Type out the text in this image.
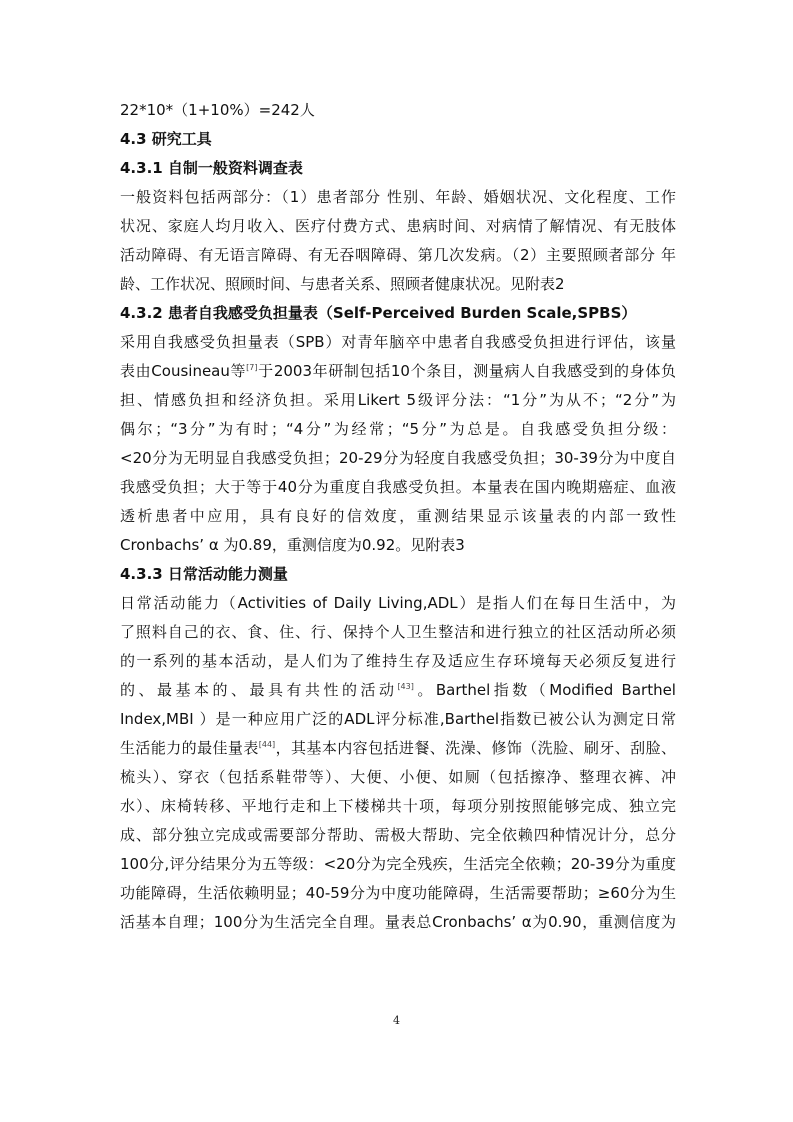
22*10*（1+10%）=242人
4.3 研究工具
4.3.1 自制一般资料调查表
一般资料包括两部分：（1）患者部分 性别、年龄、婚姻状况、文化程度、工作
状况、家庭人均月收入、医疗付费方式、患病时间、对病情了解情况、有无肢体
活动障碍、有无语言障碍、有无吞咽障碍、第几次发病。（2）主要照顾者部分 年
龄、工作状况、照顾时间、与患者关系、照顾者健康状况。见附表2
4.3.2 患者自我感受负担量表（Self-Perceived Burden Scale,SPBS）
采用自我感受负担量表（SPB）对青年脑卒中患者自我感受负担进行评估，该量
表由Cousineau等[7]于2003年研制包括10个条目，测量病人自我感受到的身体负
担、情感负担和经济负担。采用Likert 5级评分法：“1分”为从不；“2分”为
偶尔；“3分”为有时；“4分”为经常；“5分”为总是。自我感受负担分级：
<20分为无明显自我感受负担；20-29分为轻度自我感受负担；30-39分为中度自
我感受负担；大于等于40分为重度自我感受负担。本量表在国内晚期癌症、血液
透析患者中应用，具有良好的信效度，重测结果显示该量表的内部一致性
Cronbachs’ α 为0.89，重测信度为0.92。见附表3
4.3.3 日常活动能力测量
日常活动能力（Activities of Daily Living,ADL）是指人们在每日生活中，为
了照料自己的衣、食、住、行、保持个人卫生整洁和进行独立的社区活动所必须
的一系列的基本活动，是人们为了维持生存及适应生存环境每天必须反复进行
的、最基本的、最具有共性的活动[43]。Barthel指数（Modified Barthel
Index,MBI ）是一种应用广泛的ADL评分标准,Barthel指数已被公认为测定日常
生活能力的最佳量表[44]，其基本内容包括进餐、洗澡、修饰（洗脸、刷牙、刮脸、
梳头）、穿衣（包括系鞋带等）、大便、小便、如厕（包括擦净、整理衣裤、冲
水）、床椅转移、平地行走和上下楼梯共十项，每项分别按照能够完成、独立完
成、部分独立完成或需要部分帮助、需极大帮助、完全依赖四种情况计分，总分
100分,评分结果分为五等级：<20分为完全残疾，生活完全依赖；20-39分为重度
功能障碍，生活依赖明显；40-59分为中度功能障碍，生活需要帮助；≥60分为生
活基本自理；100分为生活完全自理。量表总Cronbachs’ α为0.90，重测信度为
4
